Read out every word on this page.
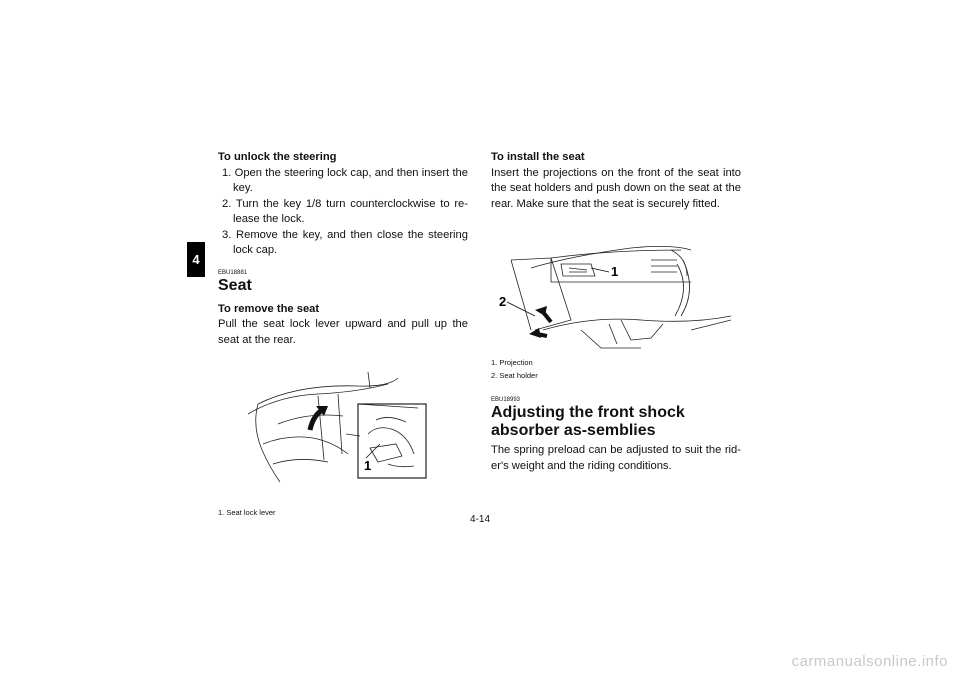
4

To unlock the steering

1. Open the steering lock cap, and then insert the key.
2. Turn the key 1/8 turn counterclockwise to re-lease the lock.
3. Remove the key, and then close the steering lock cap.
EBU18881
Seat

To remove the seat

Pull the seat lock lever upward and pull up the seat at the rear.

1
1. Seat lock lever

To install the seat

Insert the projections on the front of the seat into the seat holders and push down on the seat at the rear. Make sure that the seat is securely fitted.

1
2
1. Projection
2. Seat holder
EBU18993
Adjusting the front shock absorber as-semblies

The spring preload can be adjusted to suit the rid-er's weight and the riding conditions.

4-14
carmanualsonline.info
